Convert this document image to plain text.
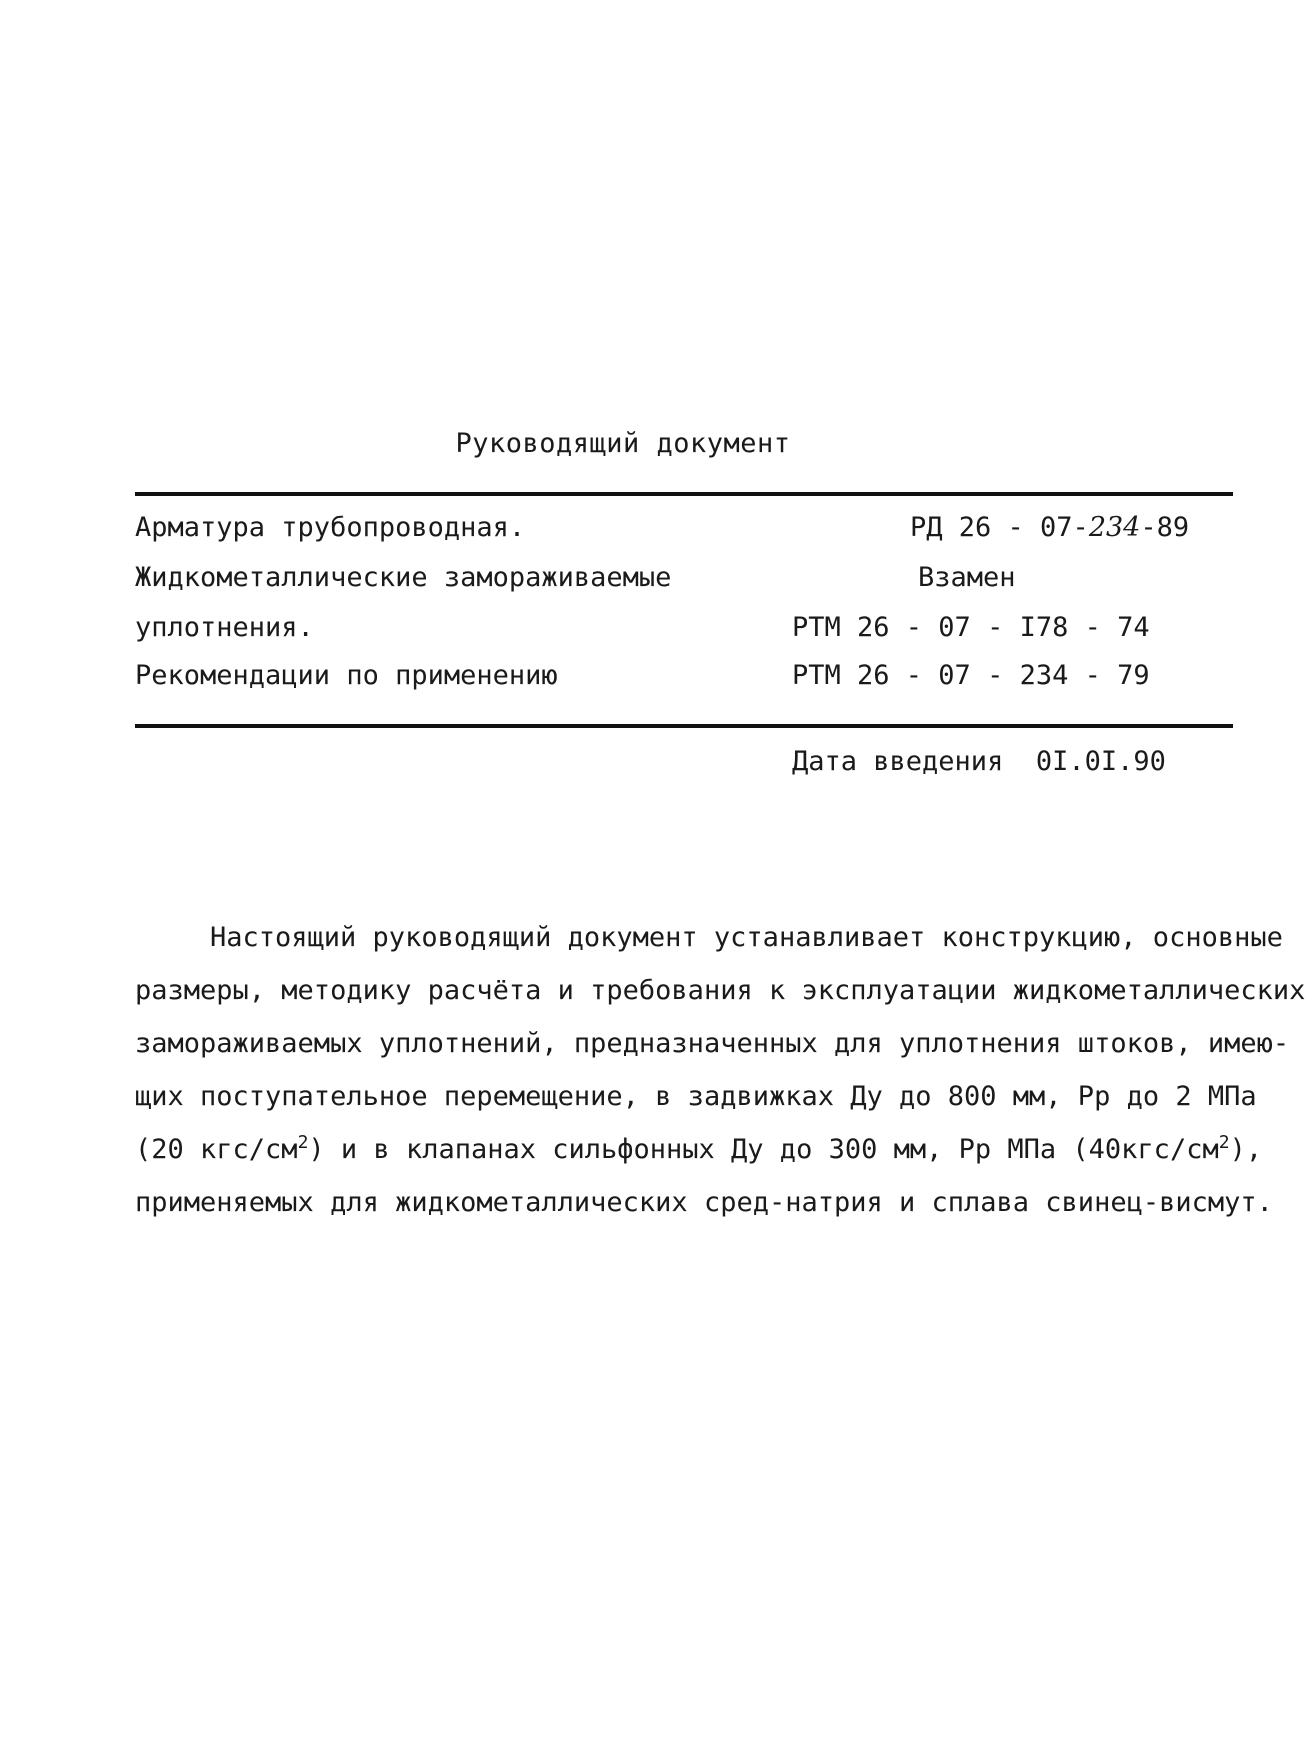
Руководящий документ
Арматура трубопроводная.
Жидкометаллические замораживаемые
уплотнения.
Рекомендации по применению
РД 26 - 07-234-89
Взамен
РТМ 26 - 07 - I78 - 74
РТМ 26 - 07 - 234 - 79
Дата введения 0I.0I.90
Настоящий руководящий документ устанавливает конструкцию, основные
размеры, методику расчёта и требования к эксплуатации жидкометаллических
замораживаемых уплотнений, предназначенных для уплотнения штоков, имею-
щих поступательное перемещение, в задвижках Ду до 800 мм, Рр до 2 МПа
(20 кгс/$см^2$) и в клапанах сильфонных Ду до 300 мм, Рр МПа $(40кгс/см^2)$,
применяемых для жидкометаллических сред-натрия и сплава свинец-висмут.
